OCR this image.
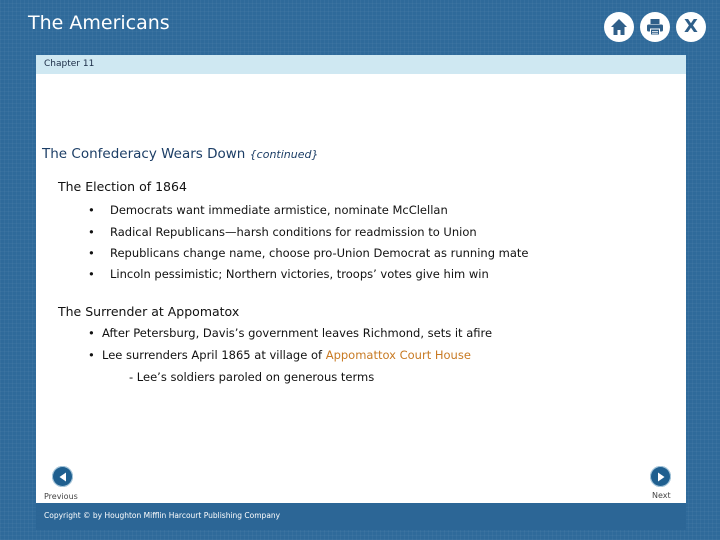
The Americans	X
Chapter 11
The Confederacy Wears Down {continued}
The Election of 1864
• Democrats want immediate armistice, nominate McClellan
• Radical Republicans—harsh conditions for readmission to Union
• Republicans change name, choose pro-Union Democrat as running mate
• Lincoln pessimistic; Northern victories, troops’ votes give him win
The Surrender at Appomatox
• After Petersburg, Davis’s government leaves Richmond, sets it afire
• Lee surrenders April 1865 at village of Appomattox Court House
- Lee’s soldiers paroled on generous terms
Previous	Next
Copyright © by Houghton Mifflin Harcourt Publishing Company
